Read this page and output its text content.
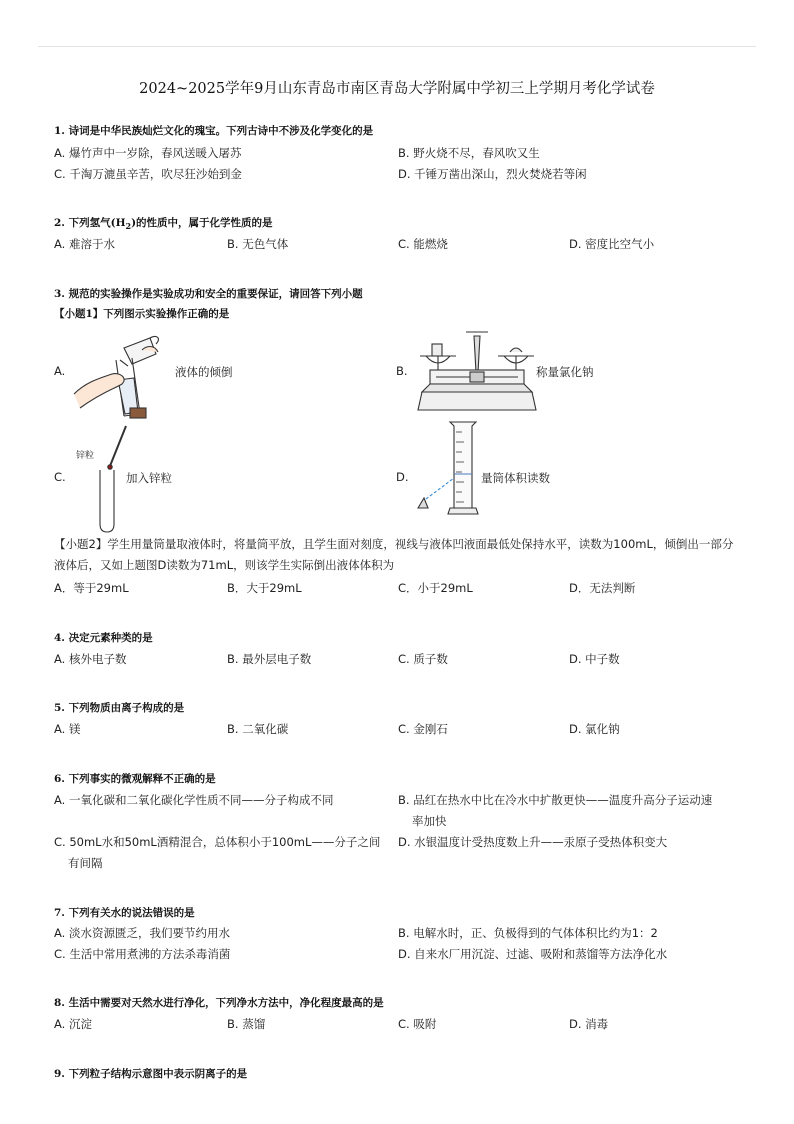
2024~2025学年9月山东青岛市南区青岛大学附属中学初三上学期月考化学试卷
1. 诗词是中华民族灿烂文化的瑰宝。下列古诗中不涉及化学变化的是
A. 爆竹声中一岁除，春风送暖入屠苏	B. 野火烧不尽，春风吹又生
C. 千淘万漉虽辛苦，吹尽狂沙始到金	D. 千锤万凿出深山，烈火焚烧若等闲
2. 下列氢气$(H_2)$的性质中，属于化学性质的是
A. 难溶于水	B. 无色气体	C. 能燃烧	D. 密度比空气小
3. 规范的实验操作是实验成功和安全的重要保证，请回答下列小题
【小题1】下列图示实验操作正确的是
A.	液体的倾倒	B.	称量氯化钠
C.
锌粒
加入锌粒	D.	量筒体积读数
【小题2】学生用量筒量取液体时，将量筒平放，且学生面对刻度，视线与液体凹液面最低处保持水平，读数为100mL，倾倒出一部分液体后，又如上题图D读数为71mL，则该学生实际倒出液体体积为
A．等于29mL	B．大于29mL	C．小于29mL	D．无法判断
4. 决定元素种类的是
A. 核外电子数	B. 最外层电子数	C. 质子数	D. 中子数
5. 下列物质由离子构成的是
A. 镁	B. 二氧化碳	C. 金刚石	D. 氯化钠
6. 下列事实的微观解释不正确的是
A. 一氧化碳和二氧化碳化学性质不同——分子构成不同	B. 品红在热水中比在冷水中扩散更快——温度升高分子运动速
率加快
C. 50mL水和50mL酒精混合，总体积小于100mL——分子之间
有间隔
D. 水银温度计受热度数上升——汞原子受热体积变大
7. 下列有关水的说法错误的是
A. 淡水资源匮乏，我们要节约用水	B. 电解水时，正、负极得到的气体体积比约为1：2
C. 生活中常用煮沸的方法杀毒消菌	D. 自来水厂用沉淀、过滤、吸附和蒸馏等方法净化水
8. 生活中需要对天然水进行净化，下列净水方法中，净化程度最高的是
A. 沉淀	B. 蒸馏	C. 吸附	D. 消毒
9. 下列粒子结构示意图中表示阴离子的是
